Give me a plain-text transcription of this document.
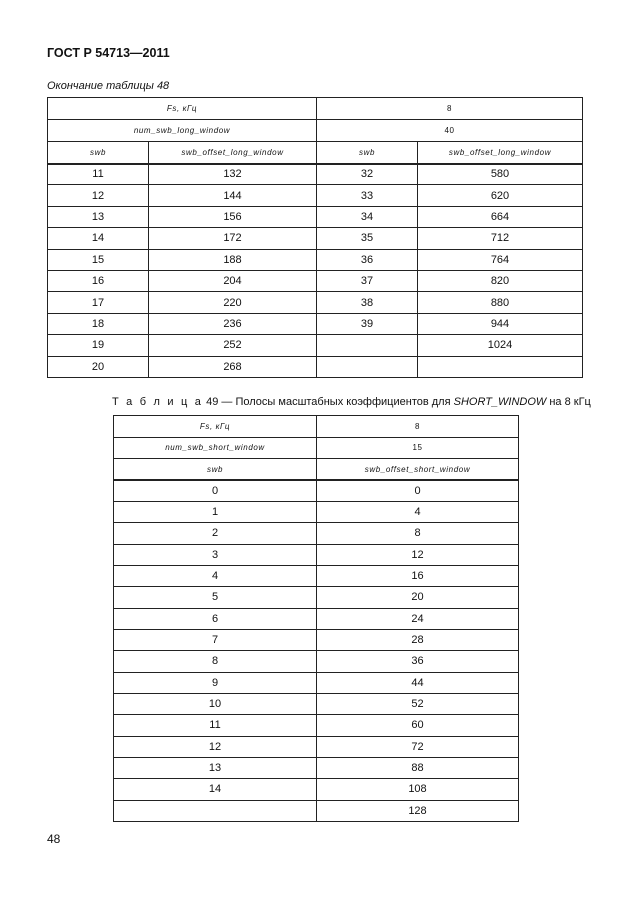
ГОСТ Р 54713—2011
Окончание таблицы 48
Fs, кГц		8	
num_swb_long_window		40	
swb	swb_offset_long_window	swb	swb_offset_long_window
11	132	32	580
12	144	33	620
13	156	34	664
14	172	35	712
15	188	36	764
16	204	37	820
17	220	38	880
18	236	39	944
19	252		1024
20	268		
Т а б л и ц а 49 — Полосы масштабных коэффициентов для SHORT_WINDOW на 8 кГц
Fs, кГц	8
num_swb_short_window	15
swb	swb_offset_short_window
0	0
1	4
2	8
3	12
4	16
5	20
6	24
7	28
8	36
9	44
10	52
11	60
12	72
13	88
14	108
	128
48
